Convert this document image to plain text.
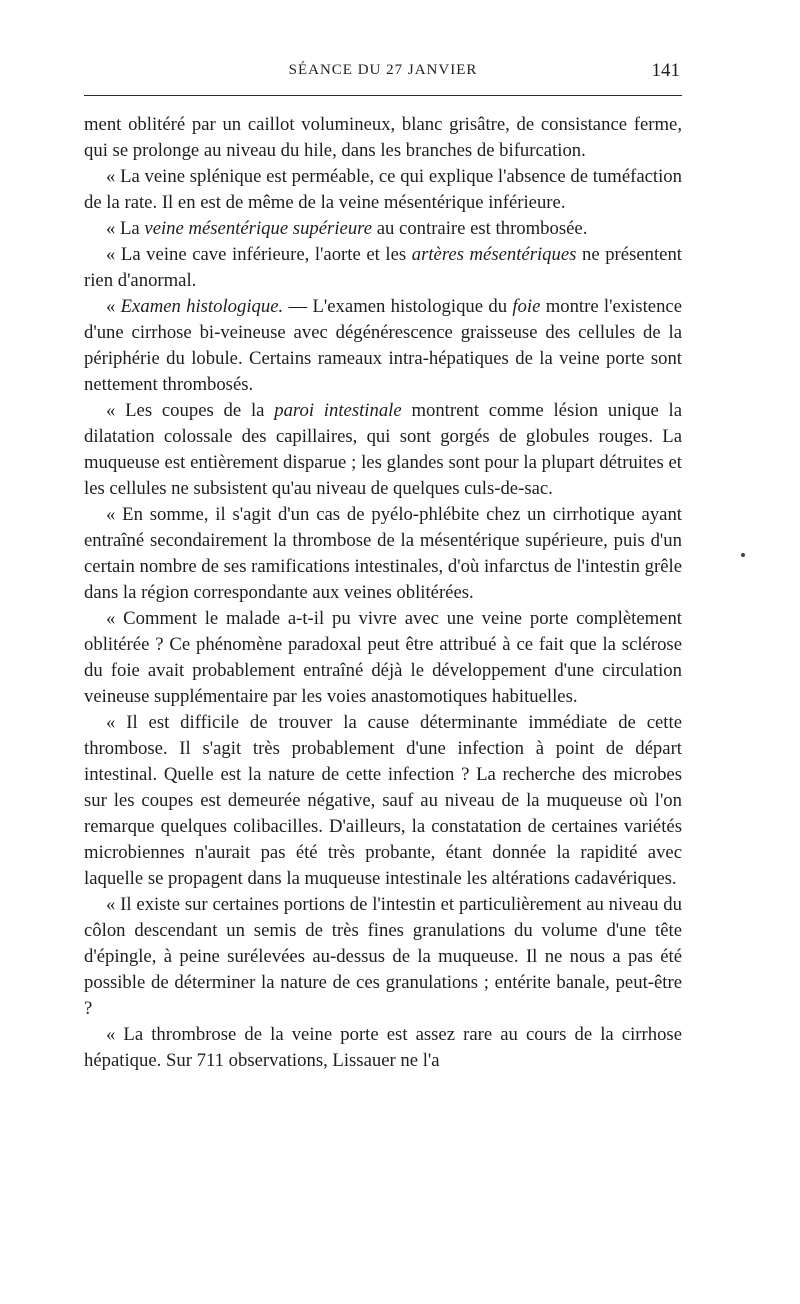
SÉANCE DU 27 JANVIER	141

ment oblitéré par un caillot volumineux, blanc grisâtre, de consistance ferme, qui se prolonge au niveau du hile, dans les branches de bifurcation.

« La veine splénique est perméable, ce qui explique l'absence de tuméfaction de la rate. Il en est de même de la veine mésentérique inférieure.

« La veine mésentérique supérieure au contraire est thrombosée.

« La veine cave inférieure, l'aorte et les artères mésentériques ne présentent rien d'anormal.

« Examen histologique. — L'examen histologique du foie montre l'existence d'une cirrhose bi-veineuse avec dégénérescence graisseuse des cellules de la périphérie du lobule. Certains rameaux intra-hépatiques de la veine porte sont nettement thrombosés.

« Les coupes de la paroi intestinale montrent comme lésion unique la dilatation colossale des capillaires, qui sont gorgés de globules rouges. La muqueuse est entièrement disparue ; les glandes sont pour la plupart détruites et les cellules ne subsistent qu'au niveau de quelques culs-de-sac.

« En somme, il s'agit d'un cas de pyélo-phlébite chez un cirrhotique ayant entraîné secondairement la thrombose de la mésentérique supérieure, puis d'un certain nombre de ses ramifications intestinales, d'où infarctus de l'intestin grêle dans la région correspondante aux veines oblitérées.

« Comment le malade a-t-il pu vivre avec une veine porte complètement oblitérée ? Ce phénomène paradoxal peut être attribué à ce fait que la sclérose du foie avait probablement entraîné déjà le développement d'une circulation veineuse supplémentaire par les voies anastomotiques habituelles.

« Il est difficile de trouver la cause déterminante immédiate de cette thrombose. Il s'agit très probablement d'une infection à point de départ intestinal. Quelle est la nature de cette infection ? La recherche des microbes sur les coupes est demeurée négative, sauf au niveau de la muqueuse où l'on remarque quelques colibacilles. D'ailleurs, la constatation de certaines variétés microbiennes n'aurait pas été très probante, étant donnée la rapidité avec laquelle se propagent dans la muqueuse intestinale les altérations cadavériques.

« Il existe sur certaines portions de l'intestin et particulièrement au niveau du côlon descendant un semis de très fines granulations du volume d'une tête d'épingle, à peine surélevées au-dessus de la muqueuse. Il ne nous a pas été possible de déterminer la nature de ces granulations ; entérite banale, peut-être ?

« La thrombrose de la veine porte est assez rare au cours de la cirrhose hépatique. Sur 711 observations, Lissauer ne l'a
